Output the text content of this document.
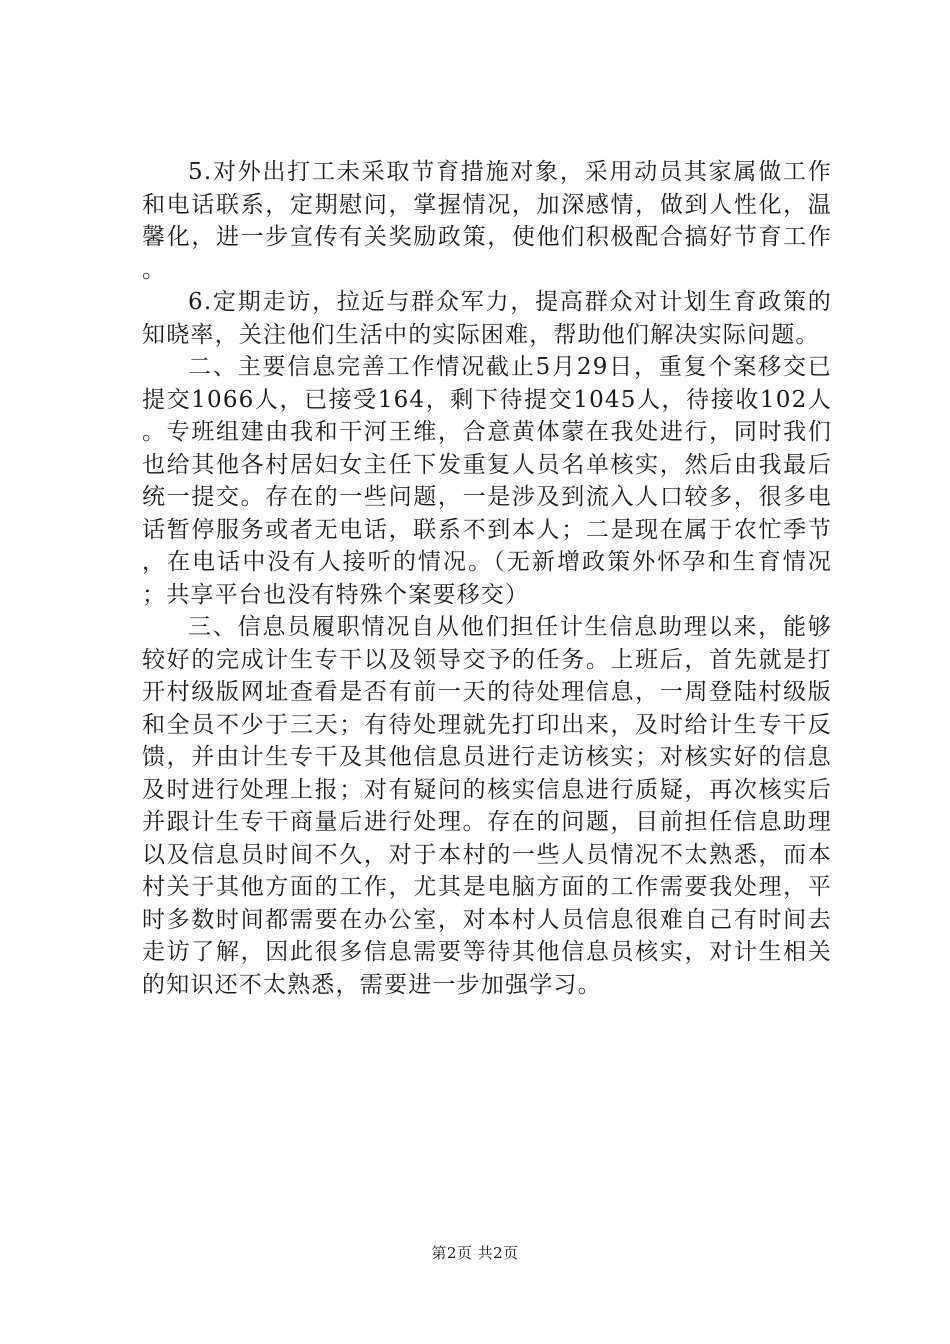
5.对外出打工未采取节育措施对象，采用动员其家属做工作和电话联系，定期慰问，掌握情况，加深感情，做到人性化，温馨化，进一步宣传有关奖励政策，使他们积极配合搞好节育工作。

6.定期走访，拉近与群众军力，提高群众对计划生育政策的知晓率，关注他们生活中的实际困难，帮助他们解决实际问题。

二、主要信息完善工作情况截止5月29日，重复个案移交已提交1066人，已接受164，剩下待提交1045人，待接收102人。专班组建由我和干河王维，合意黄体蒙在我处进行，同时我们也给其他各村居妇女主任下发重复人员名单核实，然后由我最后统一提交。存在的一些问题，一是涉及到流入人口较多，很多电话暂停服务或者无电话，联系不到本人；二是现在属于农忙季节，在电话中没有人接听的情况。（无新增政策外怀孕和生育情况；共享平台也没有特殊个案要移交）

三、信息员履职情况自从他们担任计生信息助理以来，能够较好的完成计生专干以及领导交予的任务。上班后，首先就是打开村级版网址查看是否有前一天的待处理信息，一周登陆村级版和全员不少于三天；有待处理就先打印出来，及时给计生专干反馈，并由计生专干及其他信息员进行走访核实；对核实好的信息及时进行处理上报；对有疑问的核实信息进行质疑，再次核实后并跟计生专干商量后进行处理。存在的问题，目前担任信息助理以及信息员时间不久，对于本村的一些人员情况不太熟悉，而本村关于其他方面的工作，尤其是电脑方面的工作需要我处理，平时多数时间都需要在办公室，对本村人员信息很难自己有时间去走访了解，因此很多信息需要等待其他信息员核实，对计生相关的知识还不太熟悉，需要进一步加强学习。

第2页 共2页
